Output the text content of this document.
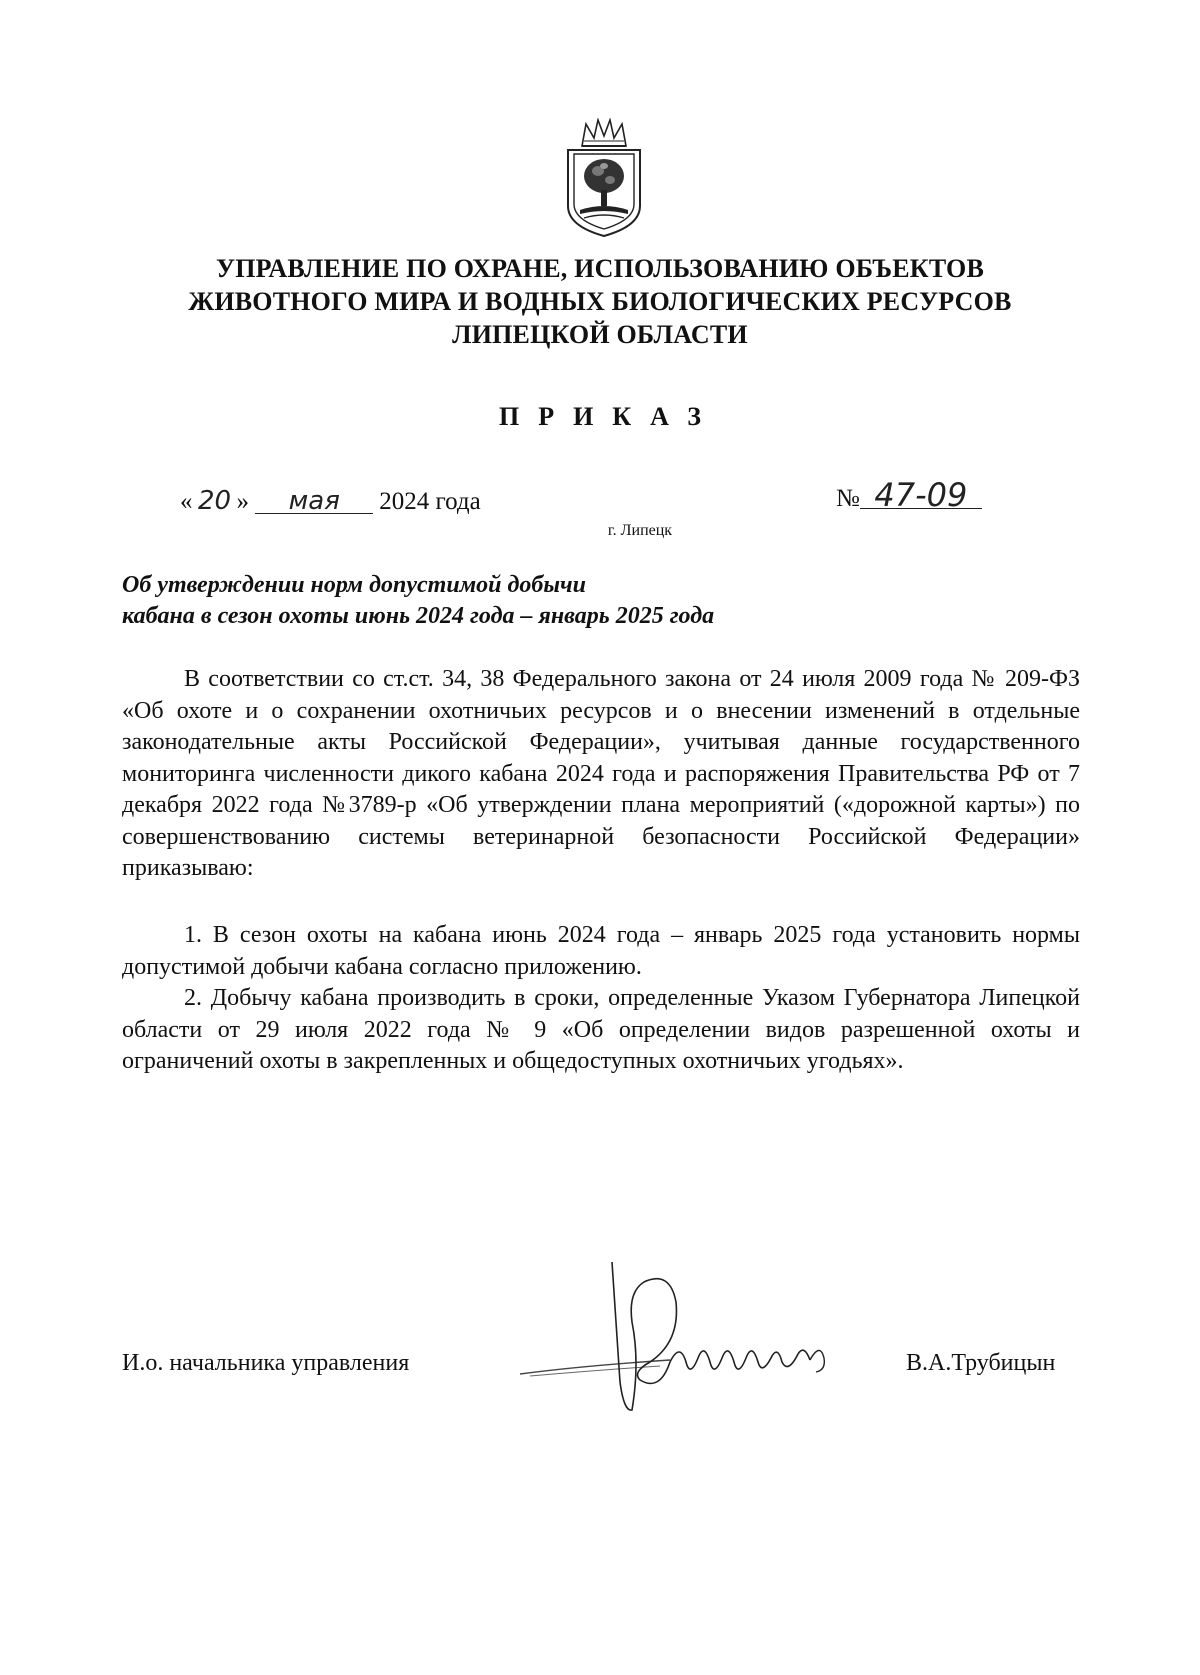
УПРАВЛЕНИЕ ПО ОХРАНЕ, ИСПОЛЬЗОВАНИЮ ОБЪЕКТОВ
ЖИВОТНОГО МИРА И ВОДНЫХ БИОЛОГИЧЕСКИХ РЕСУРСОВ
ЛИПЕЦКОЙ ОБЛАСТИ
ПРИКАЗ
« 20 » мая 2024 года	№ 47-09
г. Липецк
Об утверждении норм допустимой добычи
кабана в сезон охоты июнь 2024 года – январь 2025 года

В соответствии со ст.ст. 34, 38 Федерального закона от 24 июля 2009 года № 209-ФЗ «Об охоте и о сохранении охотничьих ресурсов и о внесении изменений в отдельные законодательные акты Российской Федерации», учитывая данные государственного мониторинга численности дикого кабана 2024 года и распоряжения Правительства РФ от 7 декабря 2022 года №3789-р «Об утверждении плана мероприятий («дорожной карты») по совершенствованию системы ветеринарной безопасности Российской Федерации» приказываю:

1. В сезон охоты на кабана июнь 2024 года – январь 2025 года установить нормы допустимой добычи кабана согласно приложению.

2. Добычу кабана производить в сроки, определенные Указом Губернатора Липецкой области от 29 июля 2022 года № 9 «Об определении видов разрешенной охоты и ограничений охоты в закрепленных и общедоступных охотничьих угодьях».

И.о. начальника управления	В.А.Трубицын
